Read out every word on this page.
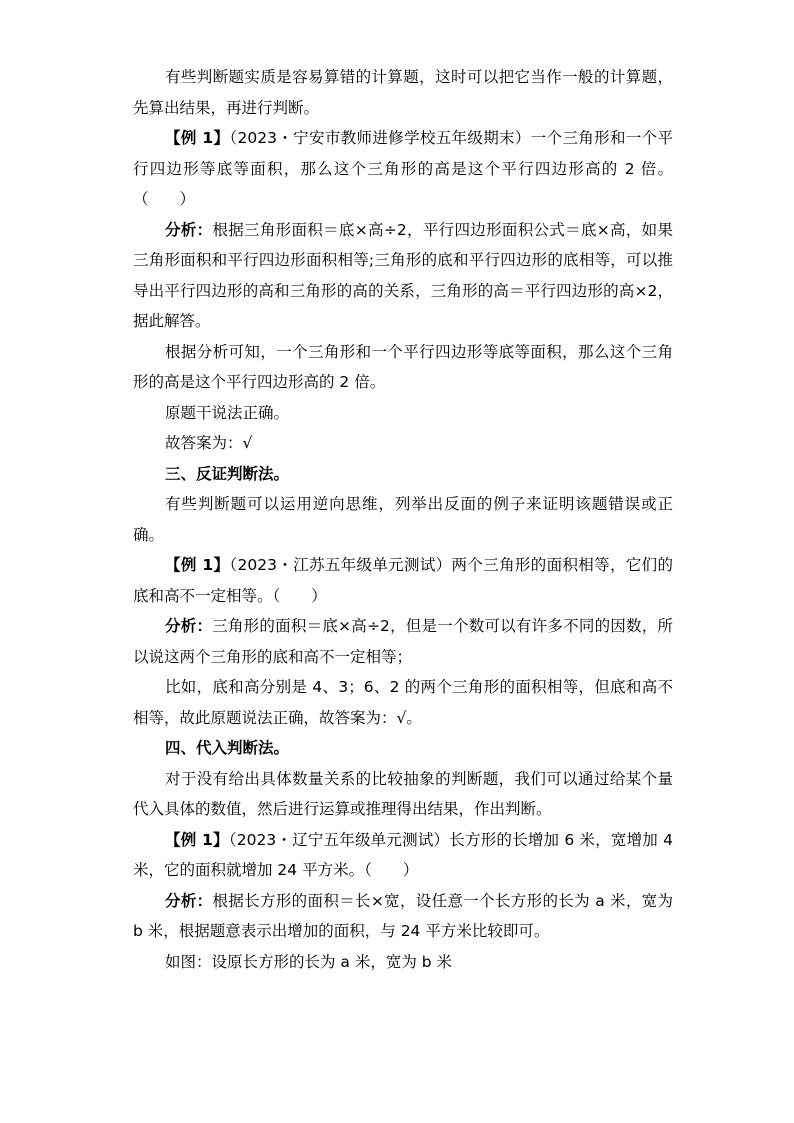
有些判断题实质是容易算错的计算题，这时可以把它当作一般的计算题，先算出结果，再进行判断。

【例 1】（2023・宁安市教师进修学校五年级期末）一个三角形和一个平行四边形等底等面积，那么这个三角形的高是这个平行四边形高的 2 倍。（　　）

分析：根据三角形面积＝底×高÷2，平行四边形面积公式＝底×高，如果三角形面积和平行四边形面积相等;三角形的底和平行四边形的底相等，可以推导出平行四边形的高和三角形的高的关系，三角形的高＝平行四边形的高×2，据此解答。

根据分析可知，一个三角形和一个平行四边形等底等面积，那么这个三角形的高是这个平行四边形高的 2 倍。

原题干说法正确。

故答案为：√

三、反证判断法。

有些判断题可以运用逆向思维，列举出反面的例子来证明该题错误或正确。

【例 1】（2023・江苏五年级单元测试）两个三角形的面积相等，它们的底和高不一定相等。（　　）

分析：三角形的面积＝底×高÷2，但是一个数可以有许多不同的因数，所以说这两个三角形的底和高不一定相等；

比如，底和高分别是 4、3；6、2 的两个三角形的面积相等，但底和高不相等，故此原题说法正确，故答案为：√。

四、代入判断法。

对于没有给出具体数量关系的比较抽象的判断题，我们可以通过给某个量代入具体的数值，然后进行运算或推理得出结果，作出判断。

【例 1】（2023・辽宁五年级单元测试）长方形的长增加 6 米，宽增加 4 米，它的面积就增加 24 平方米。（　　）

分析：根据长方形的面积＝长×宽，设任意一个长方形的长为 a 米，宽为 b 米，根据题意表示出增加的面积，与 24 平方米比较即可。

如图：设原长方形的长为 a 米，宽为 b 米
